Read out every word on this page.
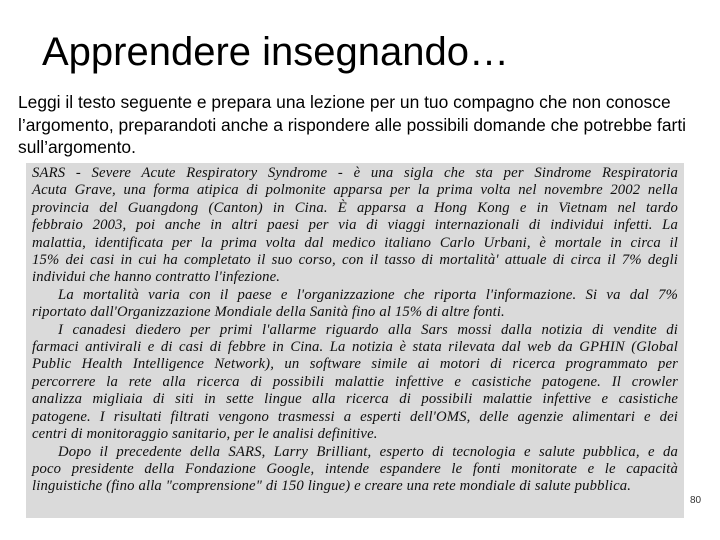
Apprendere insegnando…

Leggi il testo seguente e prepara una lezione per un tuo compagno che non conosce l’argomento, preparandoti anche a rispondere alle possibili domande che potrebbe farti sull’argomento.

SARS - Severe Acute Respiratory Syndrome - è una sigla che sta per Sindrome Respiratoria
Acuta Grave, una forma atipica di polmonite apparsa per la prima volta nel novembre 2002 nella
provincia del Guangdong (Canton) in Cina. È apparsa a Hong Kong e in Vietnam nel tardo
febbraio 2003, poi anche in altri paesi per via di viaggi internazionali di individui infetti. La
malattia, identificata per la prima volta dal medico italiano Carlo Urbani, è mortale in circa il
15% dei casi in cui ha completato il suo corso, con il tasso di mortalità' attuale di circa il 7% degli
individui che hanno contratto l'infezione.
La mortalità varia con il paese e l'organizzazione che riporta l'informazione. Si va dal 7%
riportato dall'Organizzazione Mondiale della Sanità fino al 15% di altre fonti.
I canadesi diedero per primi l'allarme riguardo alla Sars mossi dalla notizia di vendite di
farmaci antivirali e di casi di febbre in Cina. La notizia è stata rilevata dal web da GPHIN (Global
Public Health Intelligence Network), un software simile ai motori di ricerca programmato per
percorrere la rete alla ricerca di possibili malattie infettive e casistiche patogene. Il crowler
analizza migliaia di siti in sette lingue alla ricerca di possibili malattie infettive e casistiche
patogene. I risultati filtrati vengono trasmessi a esperti dell'OMS, delle agenzie alimentari e dei
centri di monitoraggio sanitario, per le analisi definitive.
Dopo il precedente della SARS, Larry Brilliant, esperto di tecnologia e salute pubblica, e da
poco presidente della Fondazione Google, intende espandere le fonti monitorate e le capacità
linguistiche (fino alla "comprensione" di 150 lingue) e creare una rete mondiale di salute pubblica.
80
